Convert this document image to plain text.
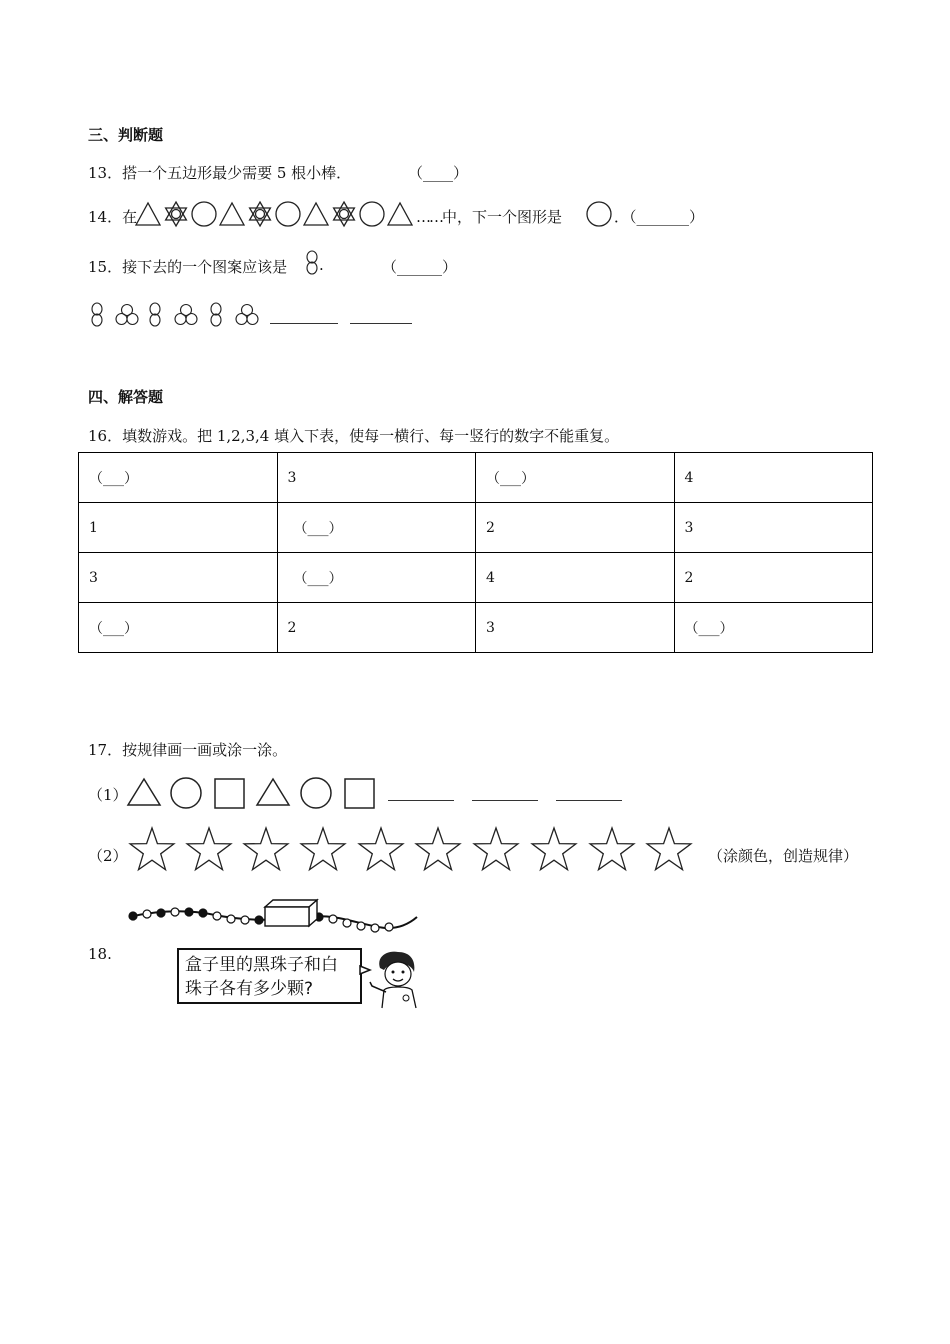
三、判断题
13．搭一个五边形最少需要 5 根小棒．	（____）
14．在	……中，下一个图形是	．（_______）
15．接下去的一个图案应该是 .	（______）
四、解答题
16．填数游戏。把 1,2,3,4 填入下表，使每一横行、每一竖行的数字不能重复。
（___）	3	（___）	4
1	（___）	2	3
3	（___）	4	2
（___）	2	3	（___）
17．按规律画一画或涂一涂。
（1）
（2）	（涂颜色，创造规律）
18.
盒子里的黑珠子和白
珠子各有多少颗?
